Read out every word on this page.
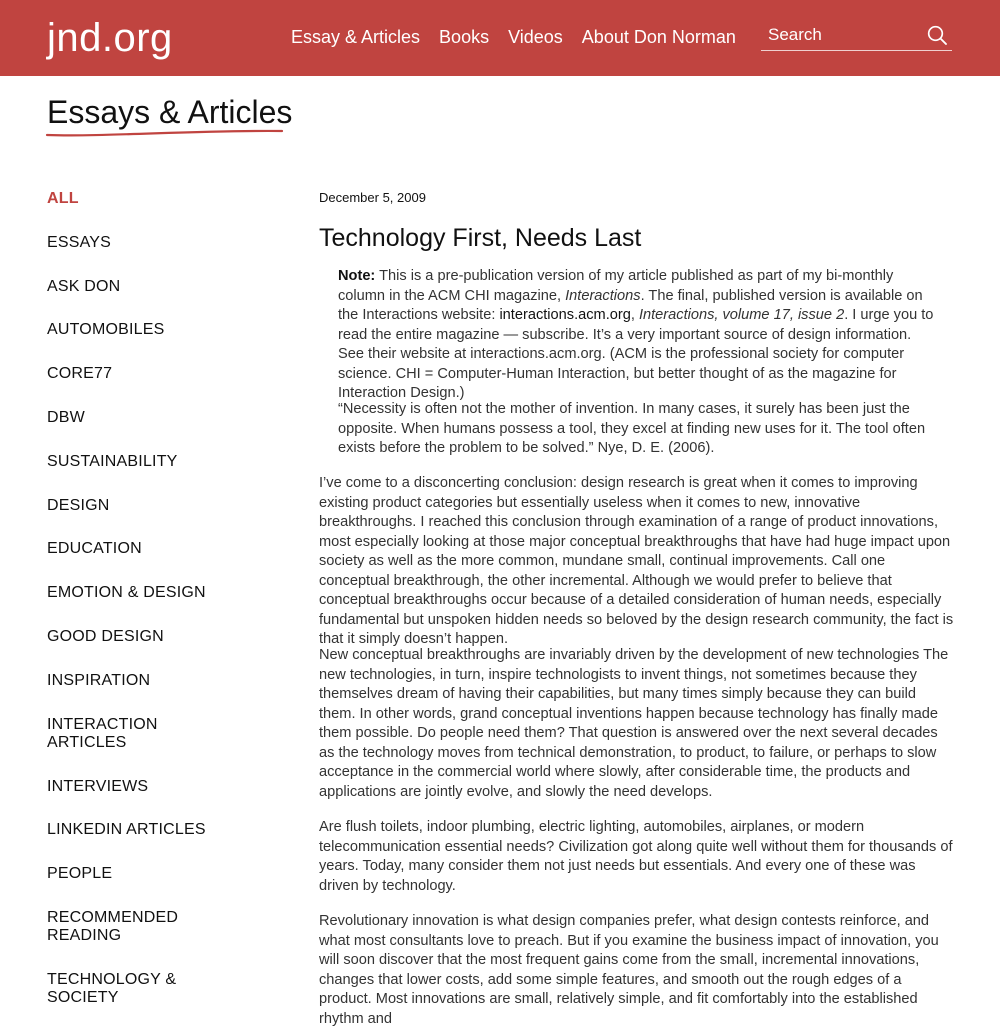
jnd.org	Essay & Articles Books Videos About Don Norman
Search
Essays & Articles
ALL
ESSAYS
ASK DON
AUTOMOBILES
CORE77
DBW
SUSTAINABILITY
DESIGN
EDUCATION
EMOTION & DESIGN
GOOD DESIGN
INSPIRATION
INTERACTION
ARTICLES
INTERVIEWS
LINKEDIN ARTICLES
PEOPLE
RECOMMENDED
READING
TECHNOLOGY &
SOCIETY
December 5, 2009
Technology First, Needs Last

Note: This is a pre-publication version of my article published as part of my bi-monthly column in the ACM CHI magazine, Interactions. The final, published version is available on the Interactions website: interactions.acm.org, Interactions, volume 17, issue 2. I urge you to read the entire magazine — subscribe. It’s a very important source of design information. See their website at interactions.acm.org. (ACM is the professional society for computer science. CHI = Computer-Human Interaction, but better thought of as the magazine for Interaction Design.)

“Necessity is often not the mother of invention. In many cases, it surely has been just the opposite. When humans possess a tool, they excel at finding new uses for it. The tool often exists before the problem to be solved.” Nye, D. E. (2006).

I’ve come to a disconcerting conclusion: design research is great when it comes to improving existing product categories but essentially useless when it comes to new, innovative breakthroughs. I reached this conclusion through examination of a range of product innovations, most especially looking at those major conceptual breakthroughs that have had huge impact upon society as well as the more common, mundane small, continual improvements. Call one conceptual breakthrough, the other incremental. Although we would prefer to believe that conceptual breakthroughs occur because of a detailed consideration of human needs, especially fundamental but unspoken hidden needs so beloved by the design research community, the fact is that it simply doesn’t happen.

New conceptual breakthroughs are invariably driven by the development of new technologies The new technologies, in turn, inspire technologists to invent things, not sometimes because they themselves dream of having their capabilities, but many times simply because they can build them. In other words, grand conceptual inventions happen because technology has finally made them possible. Do people need them? That question is answered over the next several decades as the technology moves from technical demonstration, to product, to failure, or perhaps to slow acceptance in the commercial world where slowly, after considerable time, the products and applications are jointly evolve, and slowly the need develops.

Are flush toilets, indoor plumbing, electric lighting, automobiles, airplanes, or modern telecommunication essential needs? Civilization got along quite well without them for thousands of years. Today, many consider them not just needs but essentials. And every one of these was driven by technology.

Revolutionary innovation is what design companies prefer, what design contests reinforce, and what most consultants love to preach. But if you examine the business impact of innovation, you will soon discover that the most frequent gains come from the small, incremental innovations, changes that lower costs, add some simple features, and smooth out the rough edges of a product. Most innovations are small, relatively simple, and fit comfortably into the established rhythm and
